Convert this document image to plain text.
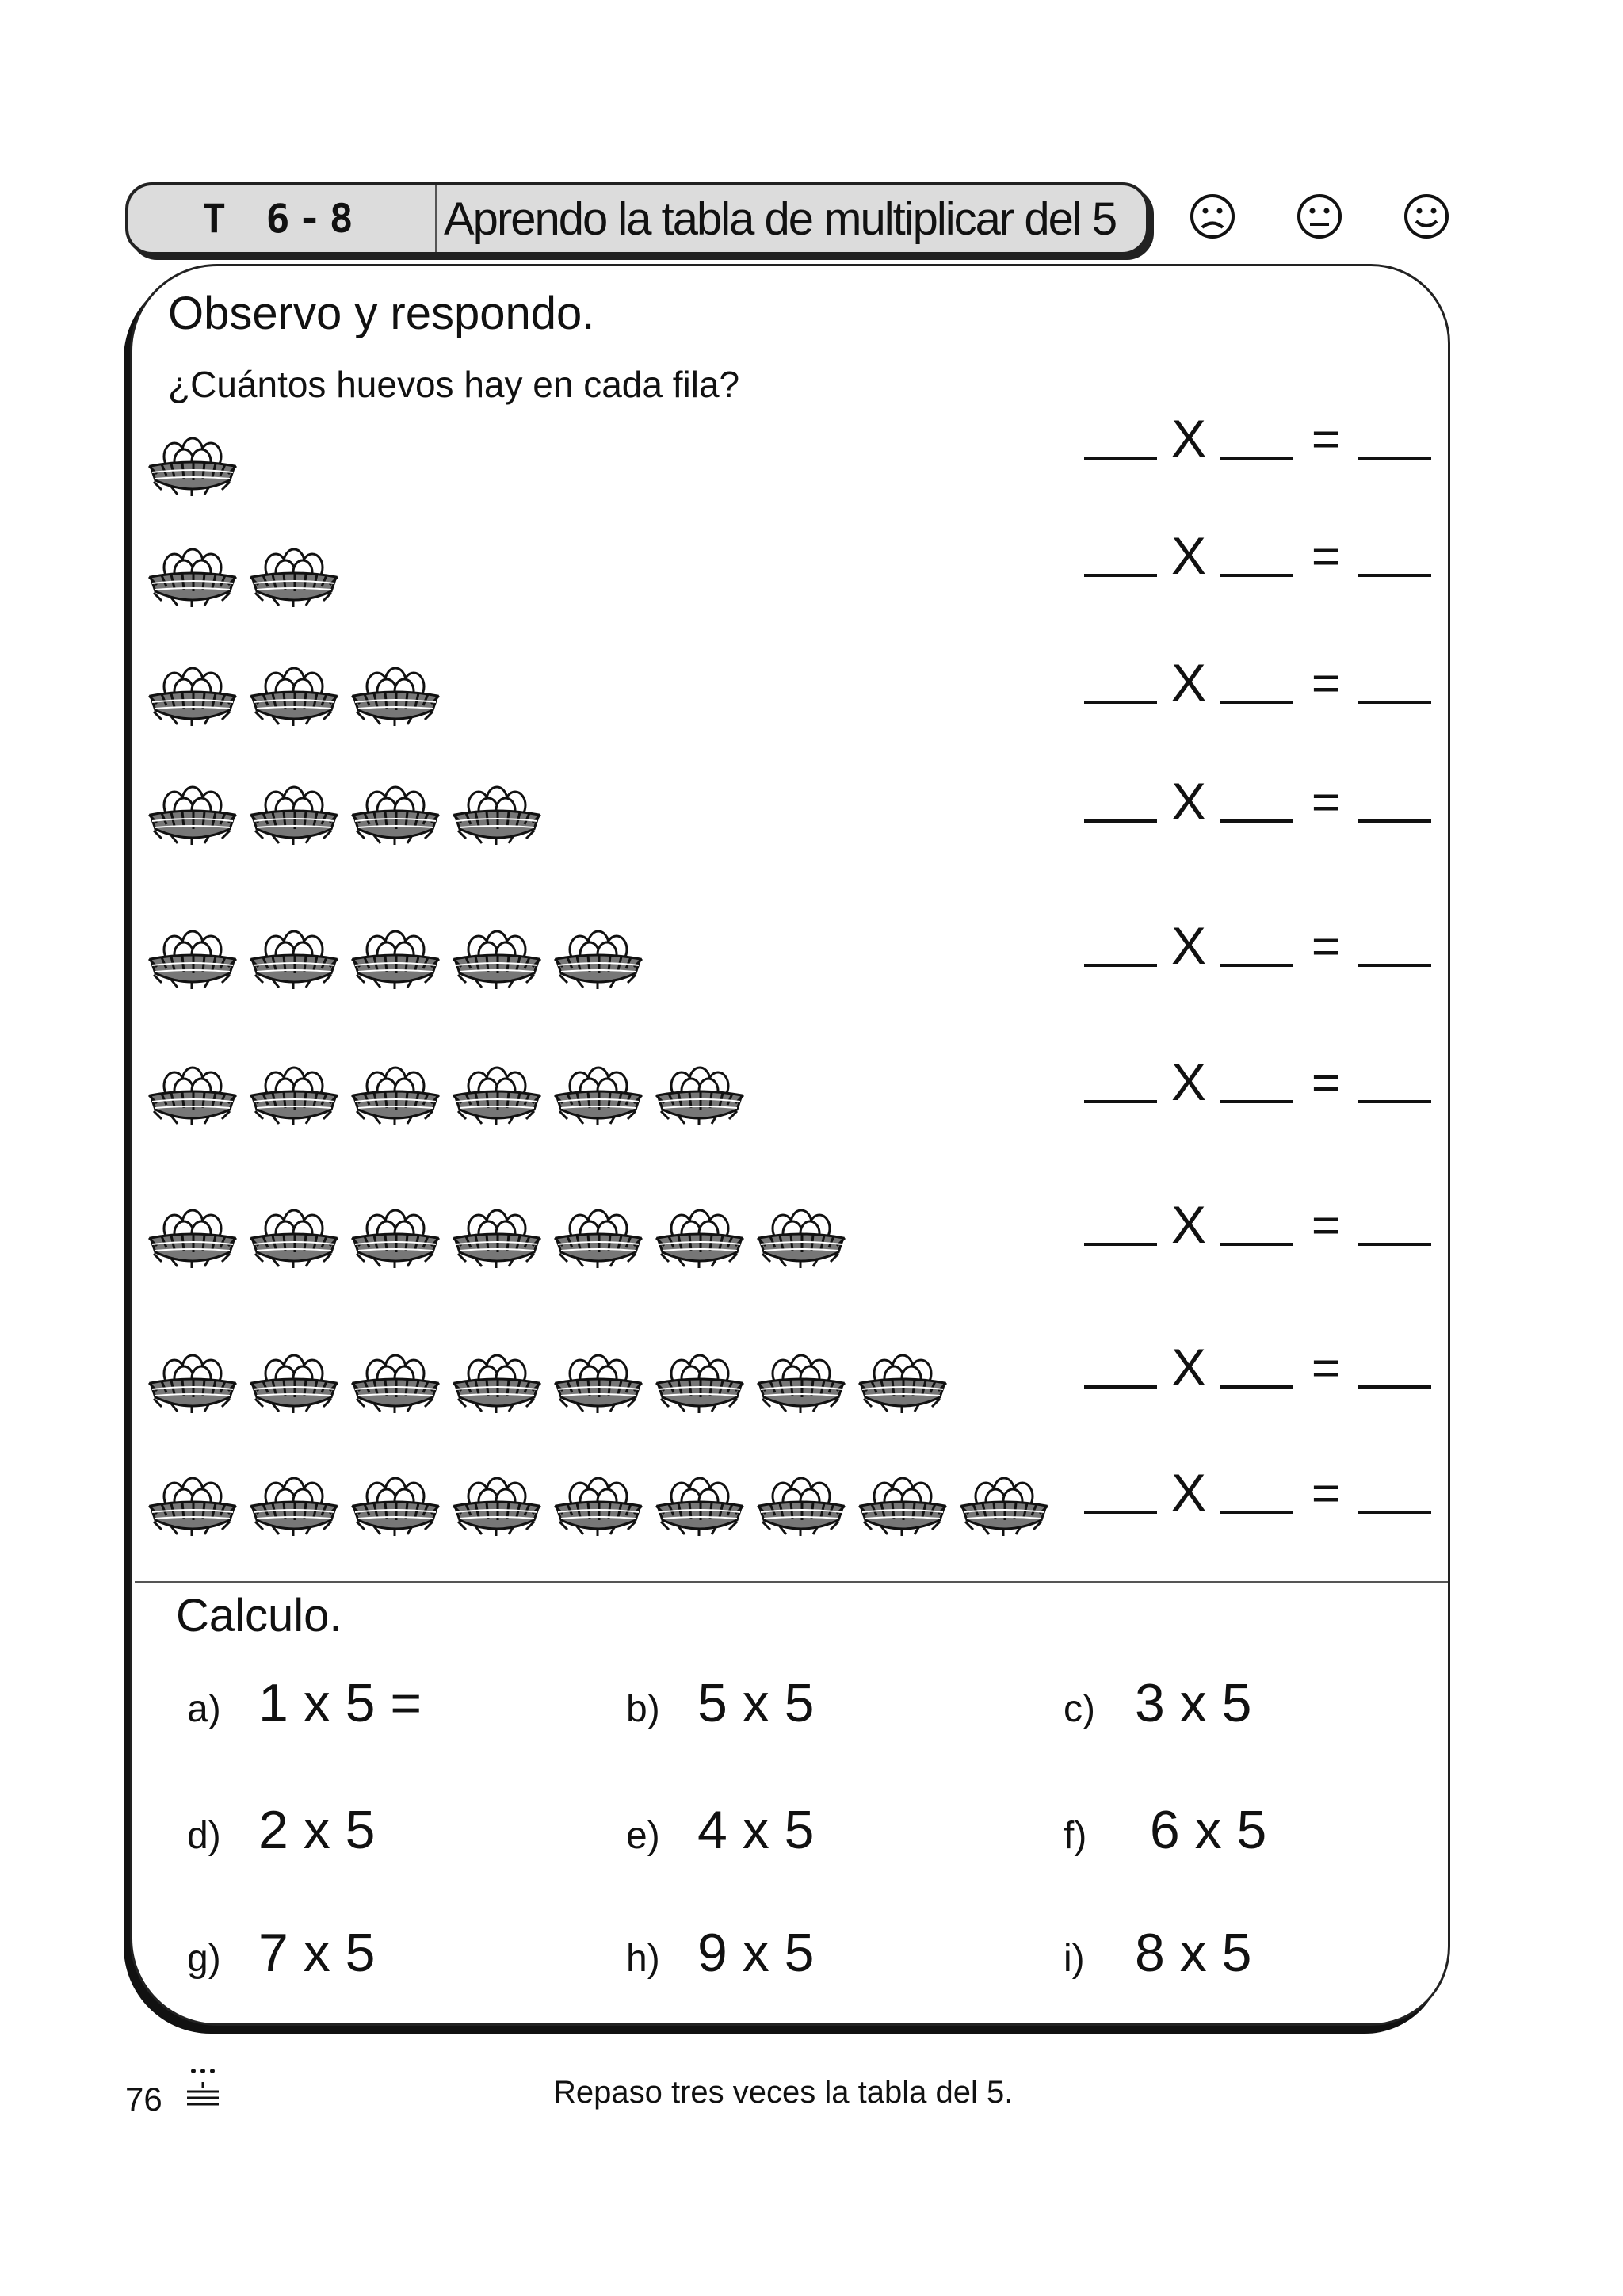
T 6-8	Aprendo la tabla de multiplicar del 5
Observo y respondo.
¿Cuántos huevos hay en cada fila?
X	=
X	=
X	=
X	=
X	=
X	=
X	=
X	=
X	=
Calculo.
a) 1 x 5 =	b) 5 x 5	c) 3 x 5
d) 2 x 5	e) 4 x 5	f) 6 x 5
g) 7 x 5	h) 9 x 5	i) 8 x 5
76	Repaso tres veces la tabla del 5.
